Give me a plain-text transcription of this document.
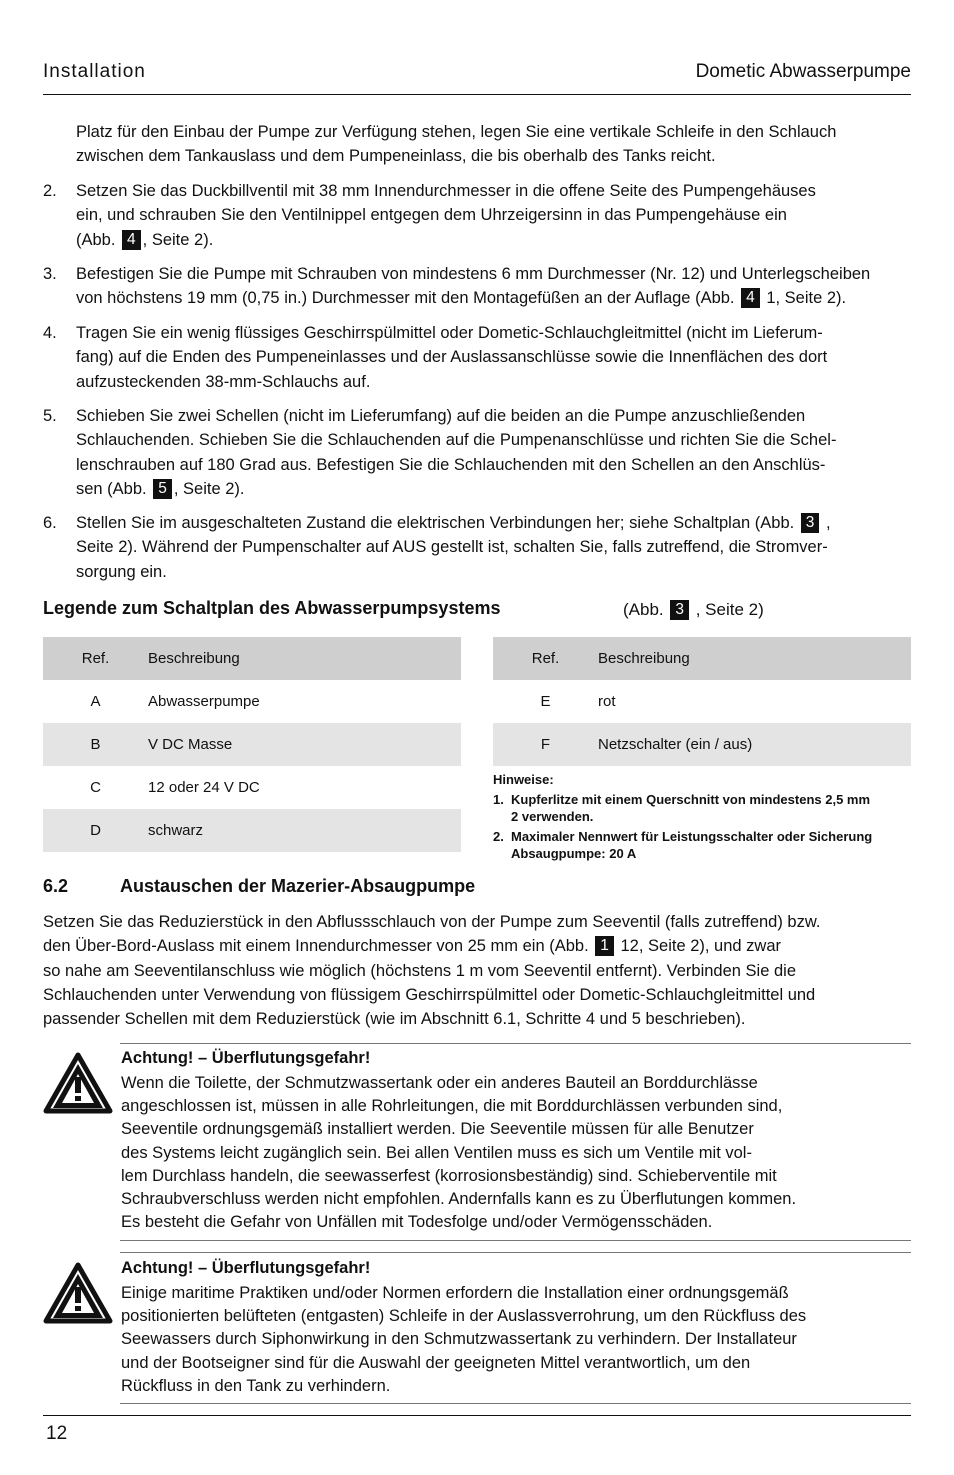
Installation	Dometic Abwasserpumpe
Platz für den Einbau der Pumpe zur Verfügung stehen, legen Sie eine vertikale Schleife in den Schlauch
zwischen dem Tankauslass und dem Pumpeneinlass, die bis oberhalb des Tanks reicht.
2. Setzen Sie das Duckbillventil mit 38 mm Innendurchmesser in die offene Seite des Pumpengehäuses
ein, und schrauben Sie den Ventilnippel entgegen dem Uhrzeigersinn in das Pumpengehäuse ein
(Abb. 4 , Seite 2).
3. Befestigen Sie die Pumpe mit Schrauben von mindestens 6 mm Durchmesser (Nr. 12) und Unterlegscheiben
von höchstens 19 mm (0,75 in.) Durchmesser mit den Montagefüßen an der Auflage (Abb. 4 1, Seite 2).
4. Tragen Sie ein wenig flüssiges Geschirrspülmittel oder Dometic-Schlauchgleitmittel (nicht im Lieferum-
fang) auf die Enden des Pumpeneinlasses und der Auslassanschlüsse sowie die Innenflächen des dort
aufzusteckenden 38-mm-Schlauchs auf.
5. Schieben Sie zwei Schellen (nicht im Lieferumfang) auf die beiden an die Pumpe anzuschließenden
Schlauchenden. Schieben Sie die Schlauchenden auf die Pumpenanschlüsse und richten Sie die Schel-
lenschrauben auf 180 Grad aus. Befestigen Sie die Schlauchenden mit den Schellen an den Anschlüs-
sen (Abb. 5 , Seite 2).
6. Stellen Sie im ausgeschalteten Zustand die elektrischen Verbindungen her; siehe Schaltplan (Abb. 3 ,
Seite 2). Während der Pumpenschalter auf AUS gestellt ist, schalten Sie, falls zutreffend, die Stromver-
sorgung ein.
Legende zum Schaltplan des Abwasserpumpsystems	(Abb. 3 , Seite 2)
Ref.	Beschreibung
A	Abwasserpumpe
B	V DC Masse
C	12 oder 24 V DC
D	schwarz
Ref.	Beschreibung
E	rot
F	Netzschalter (ein / aus)
Hinweise:
1. Kupferlitze mit einem Querschnitt von mindestens 2,5 mm
2 verwenden.
2. Maximaler Nennwert für Leistungsschalter oder Sicherung
Absaugpumpe: 20 A
6.2	Austauschen der Mazerier-Absaugpumpe
Setzen Sie das Reduzierstück in den Abflussschlauch von der Pumpe zum Seeventil (falls zutreffend) bzw.
den Über-Bord-Auslass mit einem Innendurchmesser von 25 mm ein (Abb. 1 12, Seite 2), und zwar
so nahe am Seeventilanschluss wie möglich (höchstens 1 m vom Seeventil entfernt). Verbinden Sie die
Schlauchenden unter Verwendung von flüssigem Geschirrspülmittel oder Dometic-Schlauchgleitmittel und
passender Schellen mit dem Reduzierstück (wie im Abschnitt 6.1, Schritte 4 und 5 beschrieben).
Achtung! – Überflutungsgefahr!
Wenn die Toilette, der Schmutzwassertank oder ein anderes Bauteil an Borddurchlässe
angeschlossen ist, müssen in alle Rohrleitungen, die mit Borddurchlässen verbunden sind,
Seeventile ordnungsgemäß installiert werden. Die Seeventile müssen für alle Benutzer
des Systems leicht zugänglich sein. Bei allen Ventilen muss es sich um Ventile mit vol-
lem Durchlass handeln, die seewasserfest (korrosionsbeständig) sind. Schieberventile mit
Schraubverschluss werden nicht empfohlen. Andernfalls kann es zu Überflutungen kommen.
Es besteht die Gefahr von Unfällen mit Todesfolge und/oder Vermögensschäden.
Achtung! – Überflutungsgefahr!
Einige maritime Praktiken und/oder Normen erfordern die Installation einer ordnungsgemäß
positionierten belüfteten (entgasten) Schleife in der Auslassverrohrung, um den Rückfluss des
Seewassers durch Siphonwirkung in den Schmutzwassertank zu verhindern. Der Installateur
und der Bootseigner sind für die Auswahl der geeigneten Mittel verantwortlich, um den
Rückfluss in den Tank zu verhindern.
12
